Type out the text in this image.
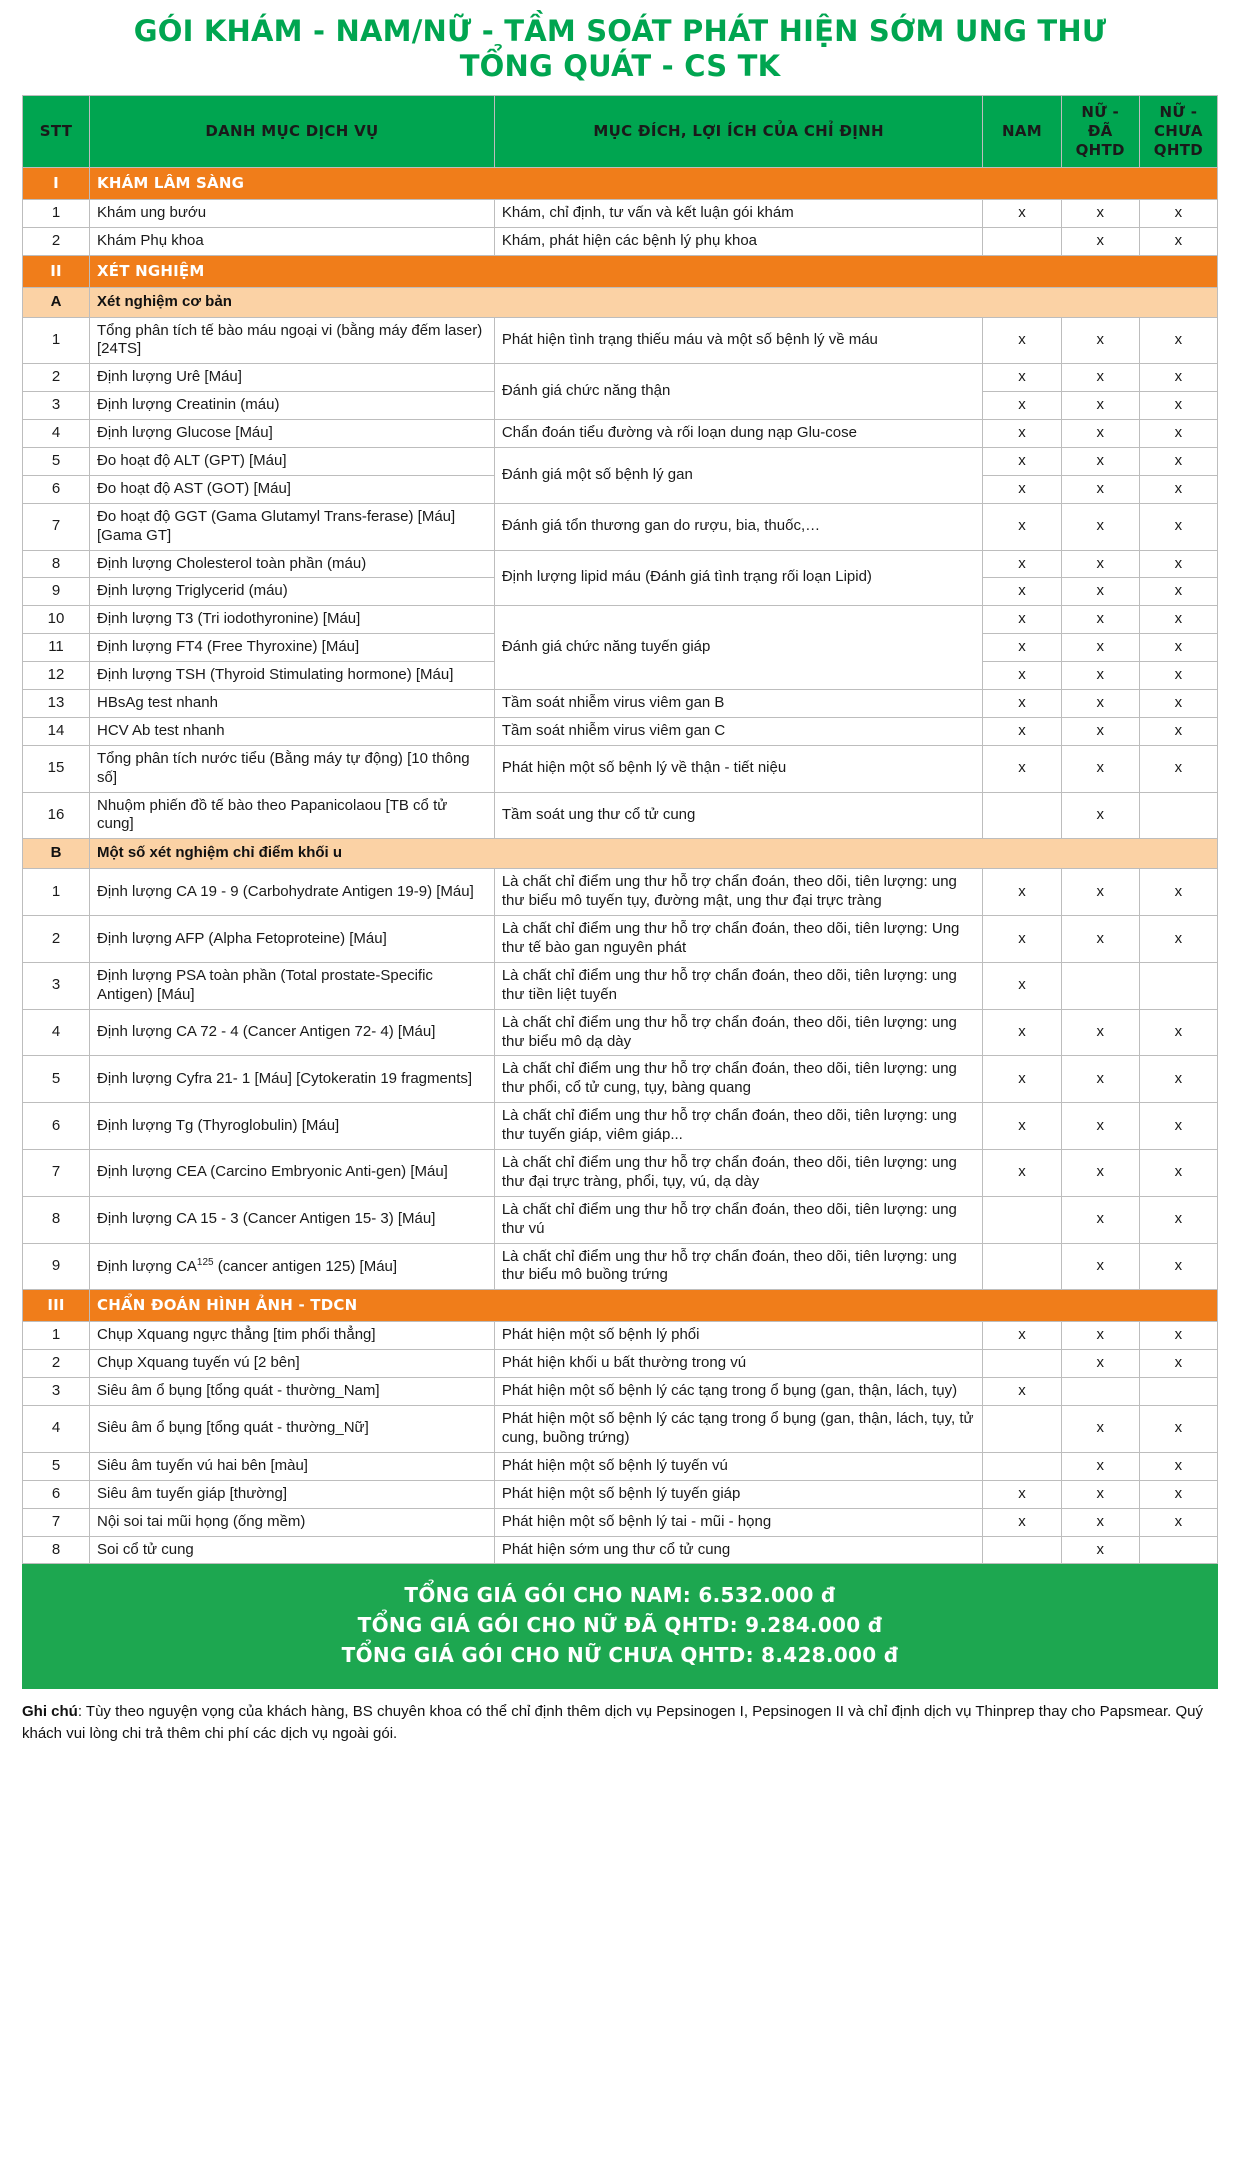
GÓI KHÁM - NAM/NỮ - TẦM SOÁT PHÁT HIỆN SỚM UNG THƯ
TỔNG QUÁT - CS TK
STT	DANH MỤC DỊCH VỤ	MỤC ĐÍCH, LỢI ÍCH CỦA CHỈ ĐỊNH	NAM	NỮ - ĐÃ QHTD	NỮ - CHƯA QHTD
I	KHÁM LÂM SÀNG				
1	Khám ung bướu	Khám, chỉ định, tư vấn và kết luận gói khám	x	x	x
2	Khám Phụ khoa	Khám, phát hiện các bệnh lý phụ khoa		x	x
II	XÉT NGHIỆM				
A	Xét nghiệm cơ bản				
1	Tổng phân tích tế bào máu ngoại vi (bằng máy đếm laser) [24TS]	Phát hiện tình trạng thiếu máu và một số bệnh lý về máu	x	x	x
2	Định lượng Urê [Máu]	Đánh giá chức năng thận	x	x	x
3	Định lượng Creatinin (máu)		x	x	x
4	Định lượng Glucose [Máu]	Chẩn đoán tiểu đường và rối loạn dung nạp Glu-cose	x	x	x
5	Đo hoạt độ ALT (GPT) [Máu]	Đánh giá một số bệnh lý gan	x	x	x
6	Đo hoạt độ AST (GOT) [Máu]		x	x	x
7	Đo hoạt độ GGT (Gama Glutamyl Trans-ferase) [Máu] [Gama GT]	Đánh giá tổn thương gan do rượu, bia, thuốc,…	x	x	x
8	Định lượng Cholesterol toàn phần (máu)	Định lượng lipid máu (Đánh giá tình trạng rối loạn Lipid)	x	x	x
9	Định lượng Triglycerid (máu)		x	x	x
10	Định lượng T3 (Tri iodothyronine) [Máu]	Đánh giá chức năng tuyến giáp	x	x	x
11	Định lượng FT4 (Free Thyroxine) [Máu]		x	x	x
12	Định lượng TSH (Thyroid Stimulating hormone) [Máu]		x	x	x
13	HBsAg test nhanh	Tầm soát nhiễm virus viêm gan B	x	x	x
14	HCV Ab test nhanh	Tầm soát nhiễm virus viêm gan C	x	x	x
15	Tổng phân tích nước tiểu (Bằng máy tự động) [10 thông số]	Phát hiện một số bệnh lý về thận - tiết niệu	x	x	x
16	Nhuộm phiến đồ tế bào theo Papanicolaou [TB cổ tử cung]	Tầm soát ung thư cổ tử cung		x	
B	Một số xét nghiệm chỉ điểm khối u				
1	Định lượng CA 19 - 9 (Carbohydrate Antigen 19-9) [Máu]	Là chất chỉ điểm ung thư hỗ trợ chẩn đoán, theo dõi, tiên lượng: ung thư biểu mô tuyến tụy, đường mật, ung thư đại trực tràng	x	x	x
2	Định lượng AFP (Alpha Fetoproteine) [Máu]	Là chất chỉ điểm ung thư hỗ trợ chẩn đoán, theo dõi, tiên lượng: Ung thư tế bào gan nguyên phát	x	x	x
3	Định lượng PSA toàn phần (Total prostate-Specific Antigen) [Máu]	Là chất chỉ điểm ung thư hỗ trợ chẩn đoán, theo dõi, tiên lượng: ung thư tiền liệt tuyến	x		
4	Định lượng CA 72 - 4 (Cancer Antigen 72- 4) [Máu]	Là chất chỉ điểm ung thư hỗ trợ chẩn đoán, theo dõi, tiên lượng: ung thư biểu mô dạ dày	x	x	x
5	Định lượng Cyfra 21- 1 [Máu] [Cytokeratin 19 fragments]	Là chất chỉ điểm ung thư hỗ trợ chẩn đoán, theo dõi, tiên lượng: ung thư phổi, cổ tử cung, tụy, bàng quang	x	x	x
6	Định lượng Tg (Thyroglobulin) [Máu]	Là chất chỉ điểm ung thư hỗ trợ chẩn đoán, theo dõi, tiên lượng: ung thư tuyến giáp, viêm giáp...	x	x	x
7	Định lượng CEA (Carcino Embryonic Anti-gen) [Máu]	Là chất chỉ điểm ung thư hỗ trợ chẩn đoán, theo dõi, tiên lượng: ung thư đại trực tràng, phổi, tụy, vú, dạ dày	x	x	x
8	Định lượng CA 15 - 3 (Cancer Antigen 15- 3) [Máu]	Là chất chỉ điểm ung thư hỗ trợ chẩn đoán, theo dõi, tiên lượng: ung thư vú		x	x
9	Định lượng CA$^{125}$ (cancer antigen 125) [Máu]	Là chất chỉ điểm ung thư hỗ trợ chẩn đoán, theo dõi, tiên lượng: ung thư biểu mô buồng trứng		x	x
III	CHẨN ĐOÁN HÌNH ẢNH - TDCN				
1	Chụp Xquang ngực thẳng [tim phổi thẳng]	Phát hiện một số bệnh lý phổi	x	x	x
2	Chụp Xquang tuyến vú [2 bên]	Phát hiện khối u bất thường trong vú		x	x
3	Siêu âm ổ bụng [tổng quát - thường_Nam]	Phát hiện một số bệnh lý các tạng trong ổ bụng (gan, thận, lách, tụy)	x		
4	Siêu âm ổ bụng [tổng quát - thường_Nữ]	Phát hiện một số bệnh lý các tạng trong ổ bụng (gan, thận, lách, tụy, tử cung, buồng trứng)		x	x
5	Siêu âm tuyến vú hai bên [màu]	Phát hiện một số bệnh lý tuyến vú		x	x
6	Siêu âm tuyến giáp [thường]	Phát hiện một số bệnh lý tuyến giáp	x	x	x
7	Nội soi tai mũi họng (ống mềm)	Phát hiện một số bệnh lý tai - mũi - họng	x	x	x
8	Soi cổ tử cung	Phát hiện sớm ung thư cổ tử cung		x	
TỔNG GIÁ GÓI CHO NAM: 6.532.000 đ
TỔNG GIÁ GÓI CHO NỮ ĐÃ QHTD: 9.284.000 đ
TỔNG GIÁ GÓI CHO NỮ CHƯA QHTD: 8.428.000 đ
Ghi chú: Tùy theo nguyện vọng của khách hàng, BS chuyên khoa có thể chỉ định thêm dịch vụ Pepsinogen I, Pepsinogen II và chỉ định dịch vụ Thinprep thay cho Papsmear. Quý khách vui lòng chi trả thêm chi phí các dịch vụ ngoài gói.
